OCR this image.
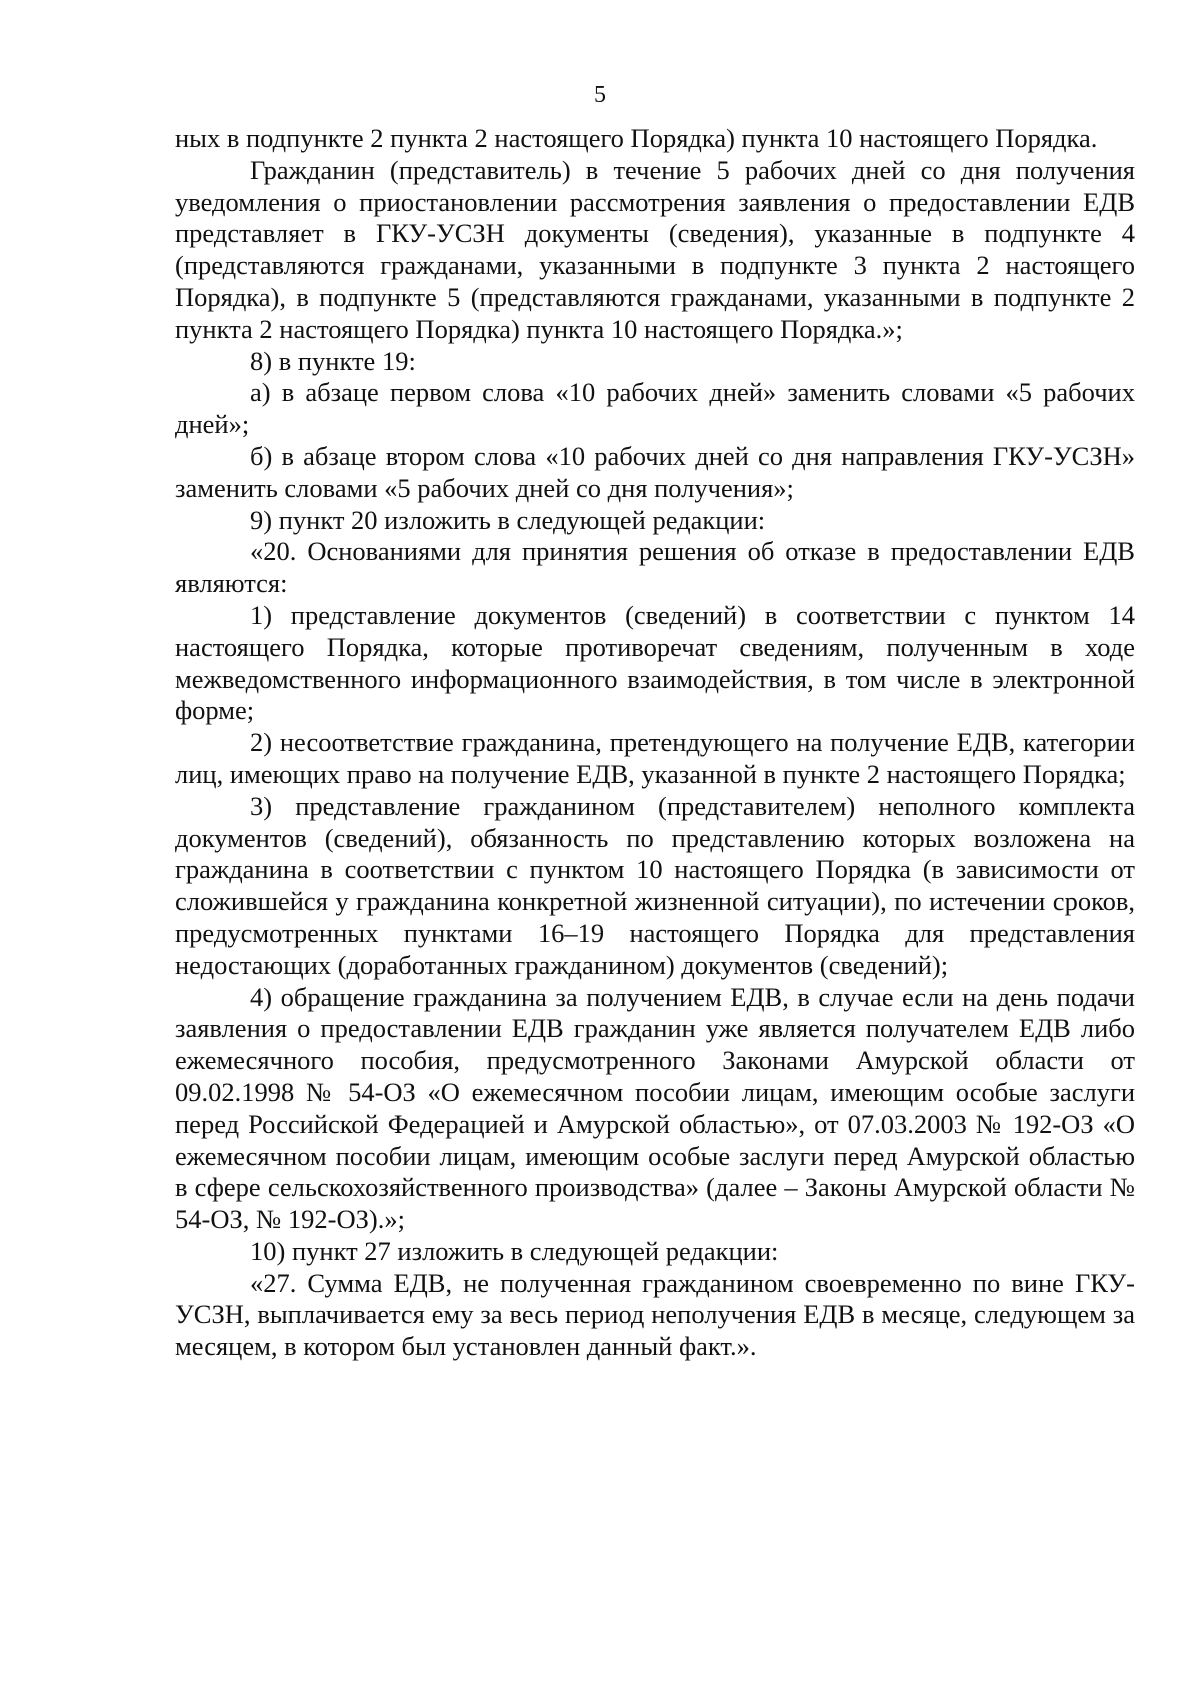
5

ных в подпункте 2 пункта 2 настоящего Порядка) пункта 10 настоящего Порядка.

Гражданин (представитель) в течение 5 рабочих дней со дня получения уведомления о приостановлении рассмотрения заявления о предоставлении ЕДВ представляет в ГКУ-УСЗН документы (сведения), указанные в подпункте 4 (представляются гражданами, указанными в подпункте 3 пункта 2 настоящего Порядка), в подпункте 5 (представляются гражданами, указанными в подпункте 2 пункта 2 настоящего Порядка) пункта 10 настоящего Порядка.»;

8) в пункте 19:

а) в абзаце первом слова «10 рабочих дней» заменить словами «5 рабочих дней»;

б) в абзаце втором слова «10 рабочих дней со дня направления ГКУ-УСЗН» заменить словами «5 рабочих дней со дня получения»;

9) пункт 20 изложить в следующей редакции:

«20. Основаниями для принятия решения об отказе в предоставлении ЕДВ являются:

1) представление документов (сведений) в соответствии с пунктом 14 настоящего Порядка, которые противоречат сведениям, полученным в ходе межведомственного информационного взаимодействия, в том числе в электронной форме;

2) несоответствие гражданина, претендующего на получение ЕДВ, категории лиц, имеющих право на получение ЕДВ, указанной в пункте 2 настоящего Порядка;

3) представление гражданином (представителем) неполного комплекта документов (сведений), обязанность по представлению которых возложена на гражданина в соответствии с пунктом 10 настоящего Порядка (в зависимости от сложившейся у гражданина конкретной жизненной ситуации), по истечении сроков, предусмотренных пунктами 16–19 настоящего Порядка для представления недостающих (доработанных гражданином) документов (сведений);

4) обращение гражданина за получением ЕДВ, в случае если на день подачи заявления о предоставлении ЕДВ гражданин уже является получателем ЕДВ либо ежемесячного пособия, предусмотренного Законами Амурской области от 09.02.1998 № 54-ОЗ «О ежемесячном пособии лицам, имеющим особые заслуги перед Российской Федерацией и Амурской областью», от 07.03.2003 № 192-ОЗ «О ежемесячном пособии лицам, имеющим особые заслуги перед Амурской областью в сфере сельскохозяйственного производства» (далее – Законы Амурской области № 54-ОЗ, № 192-ОЗ).»;

10) пункт 27 изложить в следующей редакции:

«27. Сумма ЕДВ, не полученная гражданином своевременно по вине ГКУ-УСЗН, выплачивается ему за весь период неполучения ЕДВ в месяце, следующем за месяцем, в котором был установлен данный факт.».
